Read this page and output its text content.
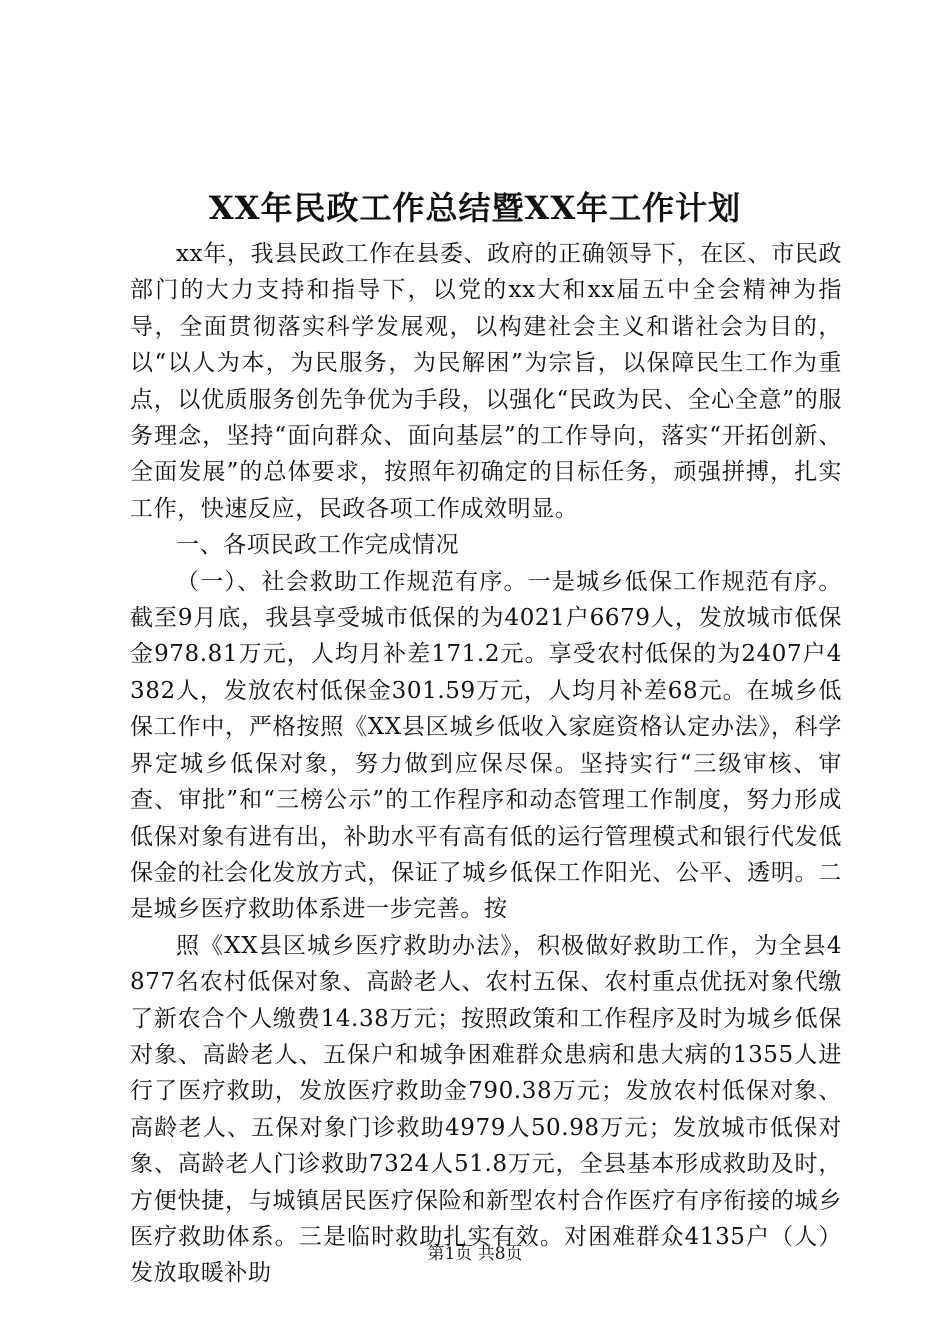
XX年民政工作总结暨XX年工作计划

xx年，我县民政工作在县委、政府的正确领导下，在区、市民政部门的大力支持和指导下，以党的xx大和xx届五中全会精神为指导，全面贯彻落实科学发展观，以构建社会主义和谐社会为目的，以“以人为本，为民服务，为民解困”为宗旨，以保障民生工作为重点，以优质服务创先争优为手段，以强化“民政为民、全心全意”的服务理念，坚持“面向群众、面向基层”的工作导向，落实“开拓创新、全面发展”的总体要求，按照年初确定的目标任务，顽强拼搏，扎实工作，快速反应，民政各项工作成效明显。

一、各项民政工作完成情况

（一）、社会救助工作规范有序。一是城乡低保工作规范有序。截至9月底，我县享受城市低保的为4021户6679人，发放城市低保金978.81万元，人均月补差171.2元。享受农村低保的为2407户4382人，发放农村低保金301.59万元，人均月补差68元。在城乡低保工作中，严格按照《XX县区城乡低收入家庭资格认定办法》，科学界定城乡低保对象，努力做到应保尽保。坚持实行“三级审核、审查、审批”和“三榜公示”的工作程序和动态管理工作制度，努力形成低保对象有进有出，补助水平有高有低的运行管理模式和银行代发低保金的社会化发放方式，保证了城乡低保工作阳光、公平、透明。二是城乡医疗救助体系进一步完善。按

照《XX县区城乡医疗救助办法》，积极做好救助工作，为全县4877名农村低保对象、高龄老人、农村五保、农村重点优抚对象代缴了新农合个人缴费14.38万元；按照政策和工作程序及时为城乡低保对象、高龄老人、五保户和城争困难群众患病和患大病的1355人进行了医疗救助，发放医疗救助金790.38万元；发放农村低保对象、高龄老人、五保对象门诊救助4979人50.98万元；发放城市低保对象、高龄老人门诊救助7324人51.8万元，全县基本形成救助及时，方便快捷，与城镇居民医疗保险和新型农村合作医疗有序衔接的城乡医疗救助体系。三是临时救助扎实有效。对困难群众4135户（人）发放取暖补助

第1页 共8页
